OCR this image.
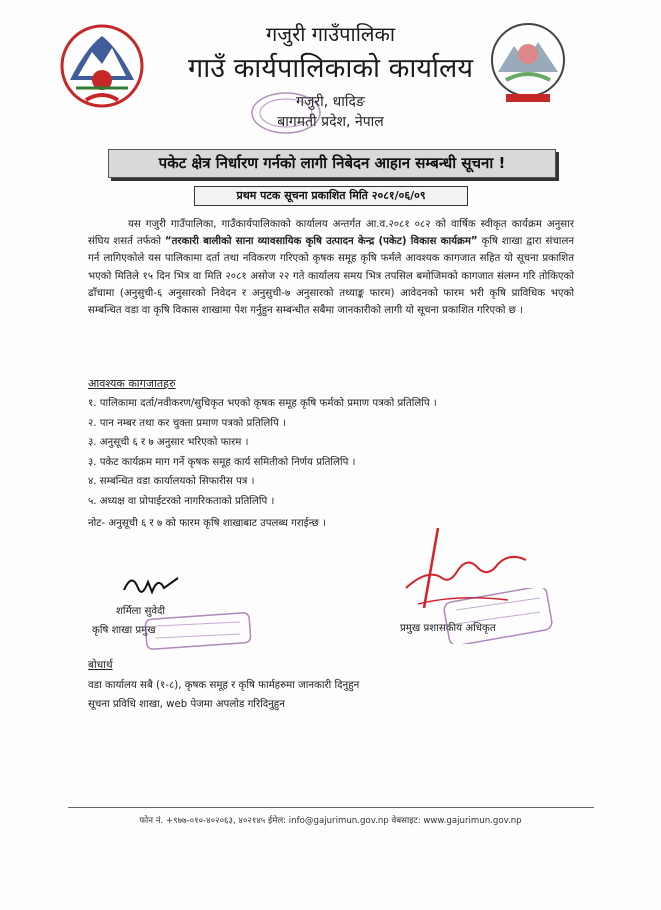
गजुरी गाउँपालिका
गाउँ कार्यपालिकाको कार्यालय
गजुरी, धादिङ
बागमती प्रदेश, नेपाल
पकेट क्षेत्र निर्धारण गर्नको लागी निबेदन आहान सम्बन्धी सूचना !
प्रथम पटक सूचना प्रकाशित मिति २०८१/०६/०९
यस गजुरी गाउँपालिका, गाउँकार्यपालिकाको कार्यालय अन्तर्गत आ.व.२०८१ ०८२ को वार्षिक स्वीकृत कार्यक्रम अनुसार संघिय शसर्त तर्फको “तरकारी बालीको साना व्यावसायिक कृषि उत्पादन केन्द्र (पकेट) विकास कार्यक्रम” कृषि शाखा द्वारा संचालन गर्न लागिएकोले यस पालिकामा दर्ता तथा नविकरण गरिएको कृषक समूह कृषि फर्मले आवश्यक कागजात सहित यो सूचना प्रकाशित भएको मितिले १५ दिन भित्र वा मिति २०८१ असोज २२ गते कार्यालय समय भित्र तपसिल बमोजिमको कागजात संलग्न गरि तोकिएको ढाँचामा (अनुसुची-६ अनुसारको निवेदन र अनुसुची-७ अनुसारको तथ्याङ्क फारम) आवेदनको फारम भरी कृषि प्राविधिक भएको सम्बन्धित वडा वा कृषि विकास शाखामा पेश गर्नुहुन सम्बन्धीत सबैमा जानकारीको लागी यो सूचना प्रकाशित गरिएको छ ।
आवश्यक कागजातहरु
१. पालिकामा दर्ता/नवीकरण/सुचिकृत भएको कृषक समूह कृषि फर्मको प्रमाण पत्रको प्रतिलिपि ।
२. पान नम्बर तथा कर चुक्ता प्रमाण पत्रको प्रतिलिपि ।
३. अनुसूची ६ र ७ अनुसार भरिएको फारम ।
३. पकेट कार्यक्रम माग गर्ने कृषक समूह कार्य समितीको निर्णय प्रतिलिपि ।
४. सम्बन्धित वडा कार्यालयको सिफारीस पत्र ।
५. अध्यक्ष वा प्रोपाईटरको नागरिकताको प्रतिलिपि ।
नोट- अनुसूची ६ र ७ को फारम कृषि शाखाबाट उपलब्ध गराईन्छ ।
शर्मिला सुवेदी
कृषि शाखा प्रमुख	प्रमुख प्रशासकीय अधिकृत
बोधार्थ
वडा कार्यालय सबै (१-८), कृषक समूह र कृषि फार्महरुमा जानकारी दिनुहुन
सूचना प्रविधि शाखा, web पेजमा अपलोड गरिदिनुहुन
फोन नं. +९७७-०१०-४०२०६३, ४०२१४५ ईमेल: info@gajurimun.gov.np वेबसाइट: www.gajurimun.gov.np
